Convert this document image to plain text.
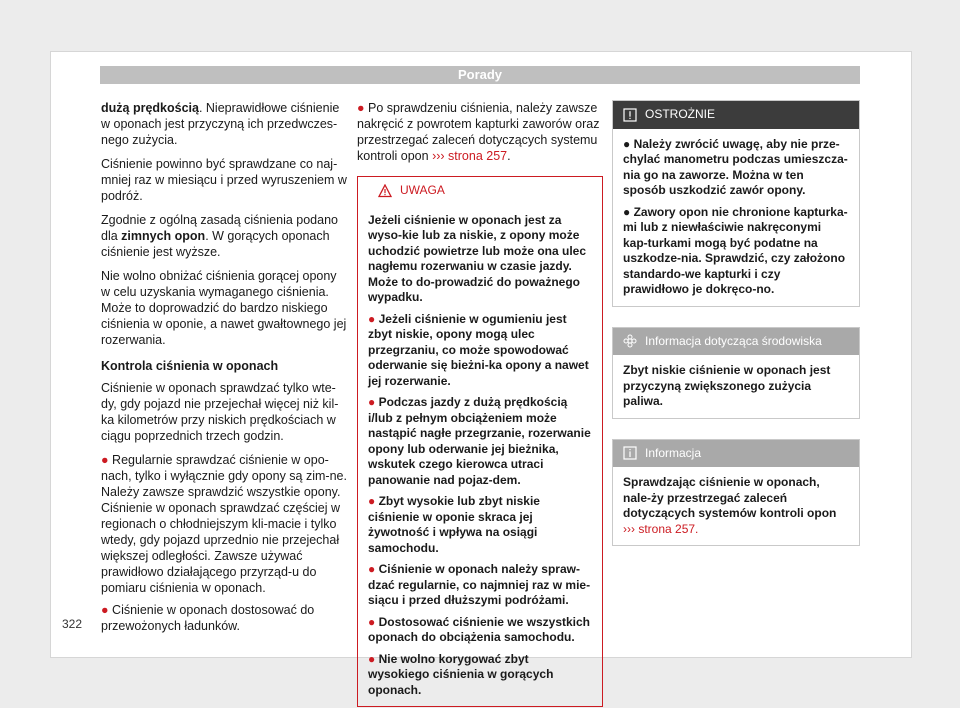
Porady

dużą prędkością. Nieprawidłowe ciśnienie w oponach jest przyczyną ich przedwczes-nego zużycia.

Ciśnienie powinno być sprawdzane co naj-mniej raz w miesiącu i przed wyruszeniem w podróż.

Zgodnie z ogólną zasadą ciśnienia podano dla zimnych opon. W gorących oponach ciśnienie jest wyższe.

Nie wolno obniżać ciśnienia gorącej opony w celu uzyskania wymaganego ciśnienia. Może to doprowadzić do bardzo niskiego ciśnienia w oponie, a nawet gwałtownego jej rozerwania.

Kontrola ciśnienia w oponach

Ciśnienie w oponach sprawdzać tylko wte-dy, gdy pojazd nie przejechał więcej niż kil-ka kilometrów przy niskich prędkościach w ciągu poprzednich trzech godzin.

● Regularnie sprawdzać ciśnienie w opo-nach, tylko i wyłącznie gdy opony są zim-ne. Należy zawsze sprawdzić wszystkie opony. Ciśnienie w oponach sprawdzać częściej w regionach o chłodniejszym kli-macie i tylko wtedy, gdy pojazd uprzednio nie przejechał większej odległości. Zawsze używać prawidłowo działającego przyrząd-u do pomiaru ciśnienia w oponach.

● Ciśnienie w oponach dostosować do przewożonych ładunków.

● Po sprawdzeniu ciśnienia, należy zawsze nakręcić z powrotem kapturki zaworów oraz przestrzegać zaleceń dotyczących systemu kontroli opon ››› strona 257.

UWAGA

Jeżeli ciśnienie w oponach jest za wyso-kie lub za niskie, z opony może uchodzić powietrze lub może ona ulec nagłemu rozerwaniu w czasie jazdy. Może to do-prowadzić do poważnego wypadku.

● Jeżeli ciśnienie w ogumieniu jest zbyt niskie, opony mogą ulec przegrzaniu, co może spowodować oderwanie się bieżni-ka opony a nawet jej rozerwanie.

● Podczas jazdy z dużą prędkością i/lub z pełnym obciążeniem może nastąpić nagłe przegrzanie, rozerwanie opony lub oderwanie jej bieżnika, wskutek czego kierowca utraci panowanie nad pojaz-dem.

● Zbyt wysokie lub zbyt niskie ciśnienie w oponie skraca jej żywotność i wpływa na osiągi samochodu.

● Ciśnienie w oponach należy spraw-dzać regularnie, co najmniej raz w mie-siącu i przed dłuższymi podróżami.

● Dostosować ciśnienie we wszystkich oponach do obciążenia samochodu.

● Nie wolno korygować zbyt wysokiego ciśnienia w gorących oponach.

OSTROŻNIE

● Należy zwrócić uwagę, aby nie prze-chylać manometru podczas umieszcza-nia go na zaworze. Można w ten sposób uszkodzić zawór opony.

● Zawory opon nie chronione kapturka-mi lub z niewłaściwie nakręconymi kap-turkami mogą być podatne na uszkodze-nia. Sprawdzić, czy założono standardo-we kapturki i czy prawidłowo je dokręco-no.

Informacja dotycząca środowiska
Zbyt niskie ciśnienie w oponach jest przyczyną zwiększonego zużycia paliwa.
Informacja
Sprawdzając ciśnienie w oponach, nale-ży przestrzegać zaleceń dotyczących systemów kontroli opon ››› strona 257.
322
